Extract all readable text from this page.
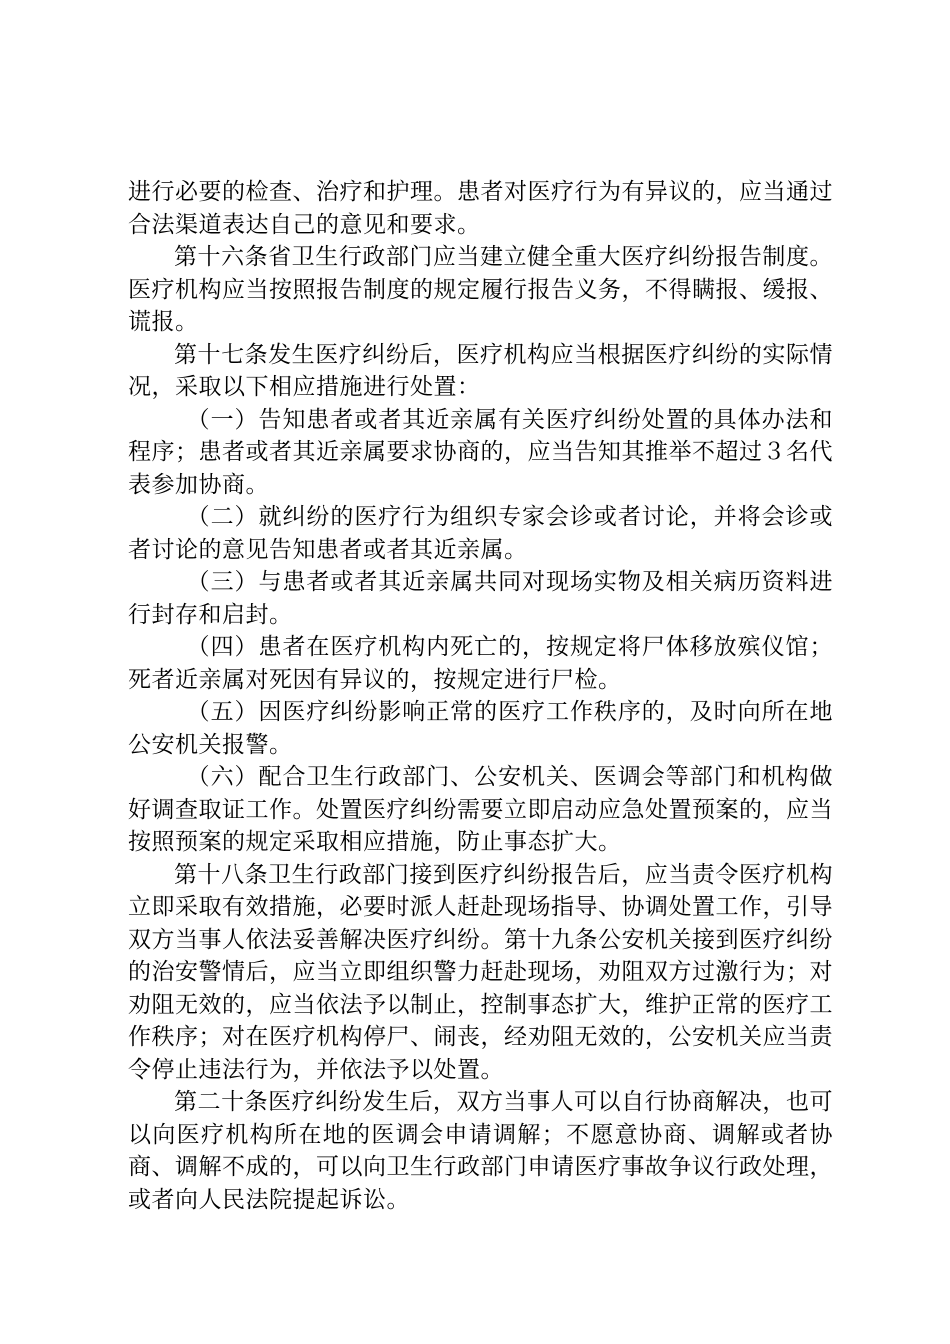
进行必要的检查、治疗和护理。患者对医疗行为有异议的，应当通过合法渠道表达自己的意见和要求。

第十六条省卫生行政部门应当建立健全重大医疗纠纷报告制度。医疗机构应当按照报告制度的规定履行报告义务，不得瞒报、缓报、谎报。

第十七条发生医疗纠纷后，医疗机构应当根据医疗纠纷的实际情况，采取以下相应措施进行处置：

（一）告知患者或者其近亲属有关医疗纠纷处置的具体办法和程序；患者或者其近亲属要求协商的，应当告知其推举不超过３名代表参加协商。

（二）就纠纷的医疗行为组织专家会诊或者讨论，并将会诊或者讨论的意见告知患者或者其近亲属。

（三）与患者或者其近亲属共同对现场实物及相关病历资料进行封存和启封。

（四）患者在医疗机构内死亡的，按规定将尸体移放殡仪馆；死者近亲属对死因有异议的，按规定进行尸检。

（五）因医疗纠纷影响正常的医疗工作秩序的，及时向所在地公安机关报警。

（六）配合卫生行政部门、公安机关、医调会等部门和机构做好调查取证工作。处置医疗纠纷需要立即启动应急处置预案的，应当按照预案的规定采取相应措施，防止事态扩大。

第十八条卫生行政部门接到医疗纠纷报告后，应当责令医疗机构立即采取有效措施，必要时派人赶赴现场指导、协调处置工作，引导双方当事人依法妥善解决医疗纠纷。第十九条公安机关接到医疗纠纷的治安警情后，应当立即组织警力赶赴现场，劝阻双方过激行为；对劝阻无效的，应当依法予以制止，控制事态扩大，维护正常的医疗工作秩序；对在医疗机构停尸、闹丧，经劝阻无效的，公安机关应当责令停止违法行为，并依法予以处置。

第二十条医疗纠纷发生后，双方当事人可以自行协商解决，也可以向医疗机构所在地的医调会申请调解；不愿意协商、调解或者协商、调解不成的，可以向卫生行政部门申请医疗事故争议行政处理，或者向人民法院提起诉讼。
